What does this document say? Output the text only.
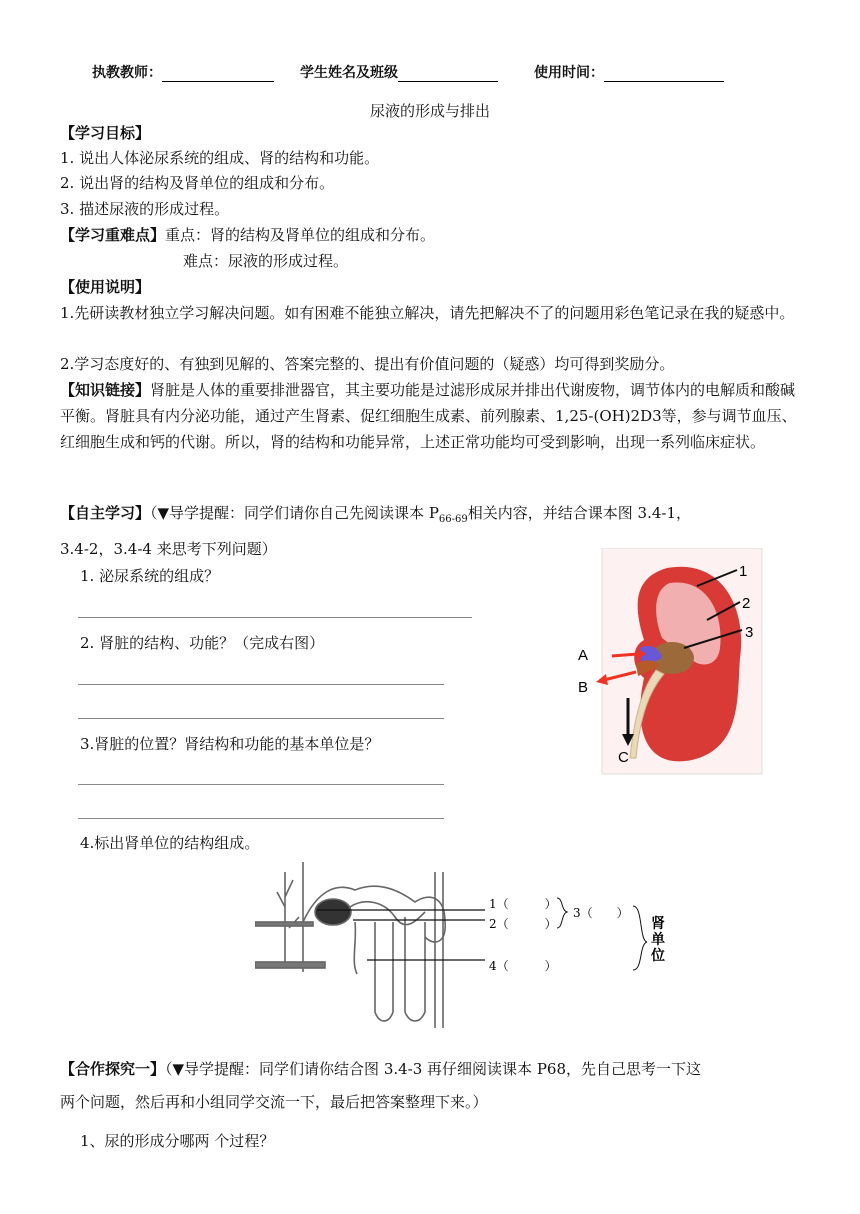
执教教师：	学生姓名及班级	使用时间：
尿液的形成与排出
【学习目标】
1. 说出人体泌尿系统的组成、肾的结构和功能。
2. 说出肾的结构及肾单位的组成和分布。
3. 描述尿液的形成过程。
【学习重难点】重点：肾的结构及肾单位的组成和分布。
难点：尿液的形成过程。
【使用说明】
1.先研读教材独立学习解决问题。如有困难不能独立解决，请先把解决不了的问题用彩色笔记录在我的疑惑中。
2.学习态度好的、有独到见解的、答案完整的、提出有价值问题的（疑惑）均可得到奖励分。
【知识链接】肾脏是人体的重要排泄器官，其主要功能是过滤形成尿并排出代谢废物，调节体内的电解质和酸碱平衡。肾脏具有内分泌功能，通过产生肾素、促红细胞生成素、前列腺素、1,25-(OH)2D3等，参与调节血压、红细胞生成和钙的代谢。所以，肾的结构和功能异常，上述正常功能均可受到影响，出现一系列临床症状。
【自主学习】（▼导学提醒：同学们请你自己先阅读课本 $P_{66-69}$相关内容，并结合课本图 3.4-1，
3.4-2，3.4-4 来思考下列问题）
1. 泌尿系统的组成？
2. 肾脏的结构、功能？（完成右图）
3.肾脏的位置？肾结构和功能的基本单位是？
4.标出肾单位的结构组成。
1
2
3
A
B
C
1（　　　）
2（　　　）
3（　　）
4（　　　）
肾
单
位
【合作探究一】（▼导学提醒：同学们请你结合图 3.4-3 再仔细阅读课本 P68，先自己思考一下这
两个问题，然后再和小组同学交流一下，最后把答案整理下来。）
1、尿的形成分哪两 个过程？
